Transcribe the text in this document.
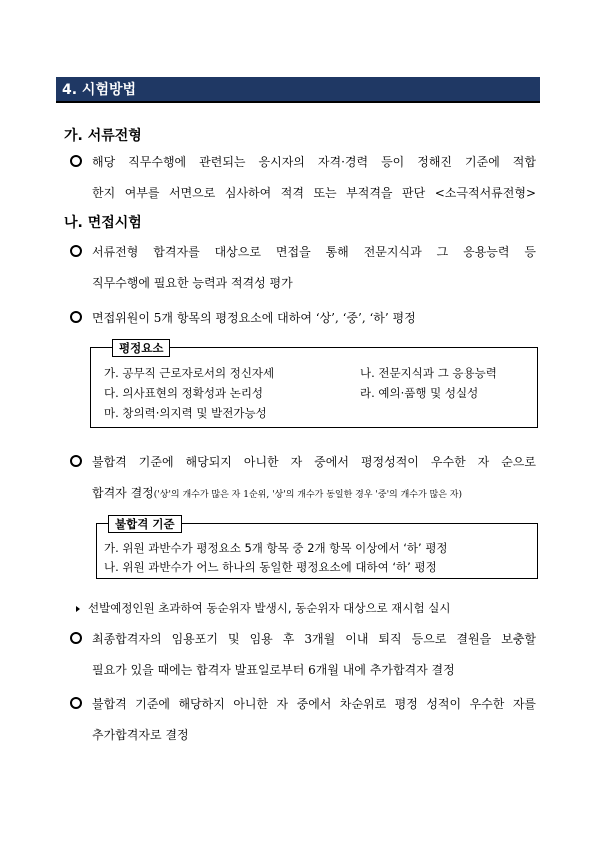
4. 시험방법
가. 서류전형
해당 직무수행에 관련되는 응시자의 자격·경력 등이 정해진 기준에 적합
한지 여부를 서면으로 심사하여 적격 또는 부적격을 판단 <소극적서류전형>
나. 면접시험
서류전형 합격자를 대상으로 면접을 통해 전문지식과 그 응용능력 등
직무수행에 필요한 능력과 적격성 평가
면접위원이 5개 항목의 평정요소에 대하여 ‘상’, ‘중’, ‘하’ 평정
평정요소
가. 공무직 근로자로서의 정신자세	나. 전문지식과 그 응용능력
다. 의사표현의 정확성과 논리성	라. 예의·품행 및 성실성
마. 창의력·의지력 및 발전가능성
불합격 기준에 해당되지 아니한 자 중에서 평정성적이 우수한 자 순으로
합격자 결정('상'의 개수가 많은 자 1순위, '상'의 개수가 동일한 경우 '중'의 개수가 많은 자)
불합격 기준
가. 위원 과반수가 평정요소 5개 항목 중 2개 항목 이상에서 ‘하’ 평정
나. 위원 과반수가 어느 하나의 동일한 평정요소에 대하여 ‘하’ 평정
선발예정인원 초과하여 동순위자 발생시, 동순위자 대상으로 재시험 실시
최종합격자의 임용포기 및 임용 후 3개월 이내 퇴직 등으로 결원을 보충할
필요가 있을 때에는 합격자 발표일로부터 6개월 내에 추가합격자 결정
불합격 기준에 해당하지 아니한 자 중에서 차순위로 평정 성적이 우수한 자를
추가합격자로 결정
